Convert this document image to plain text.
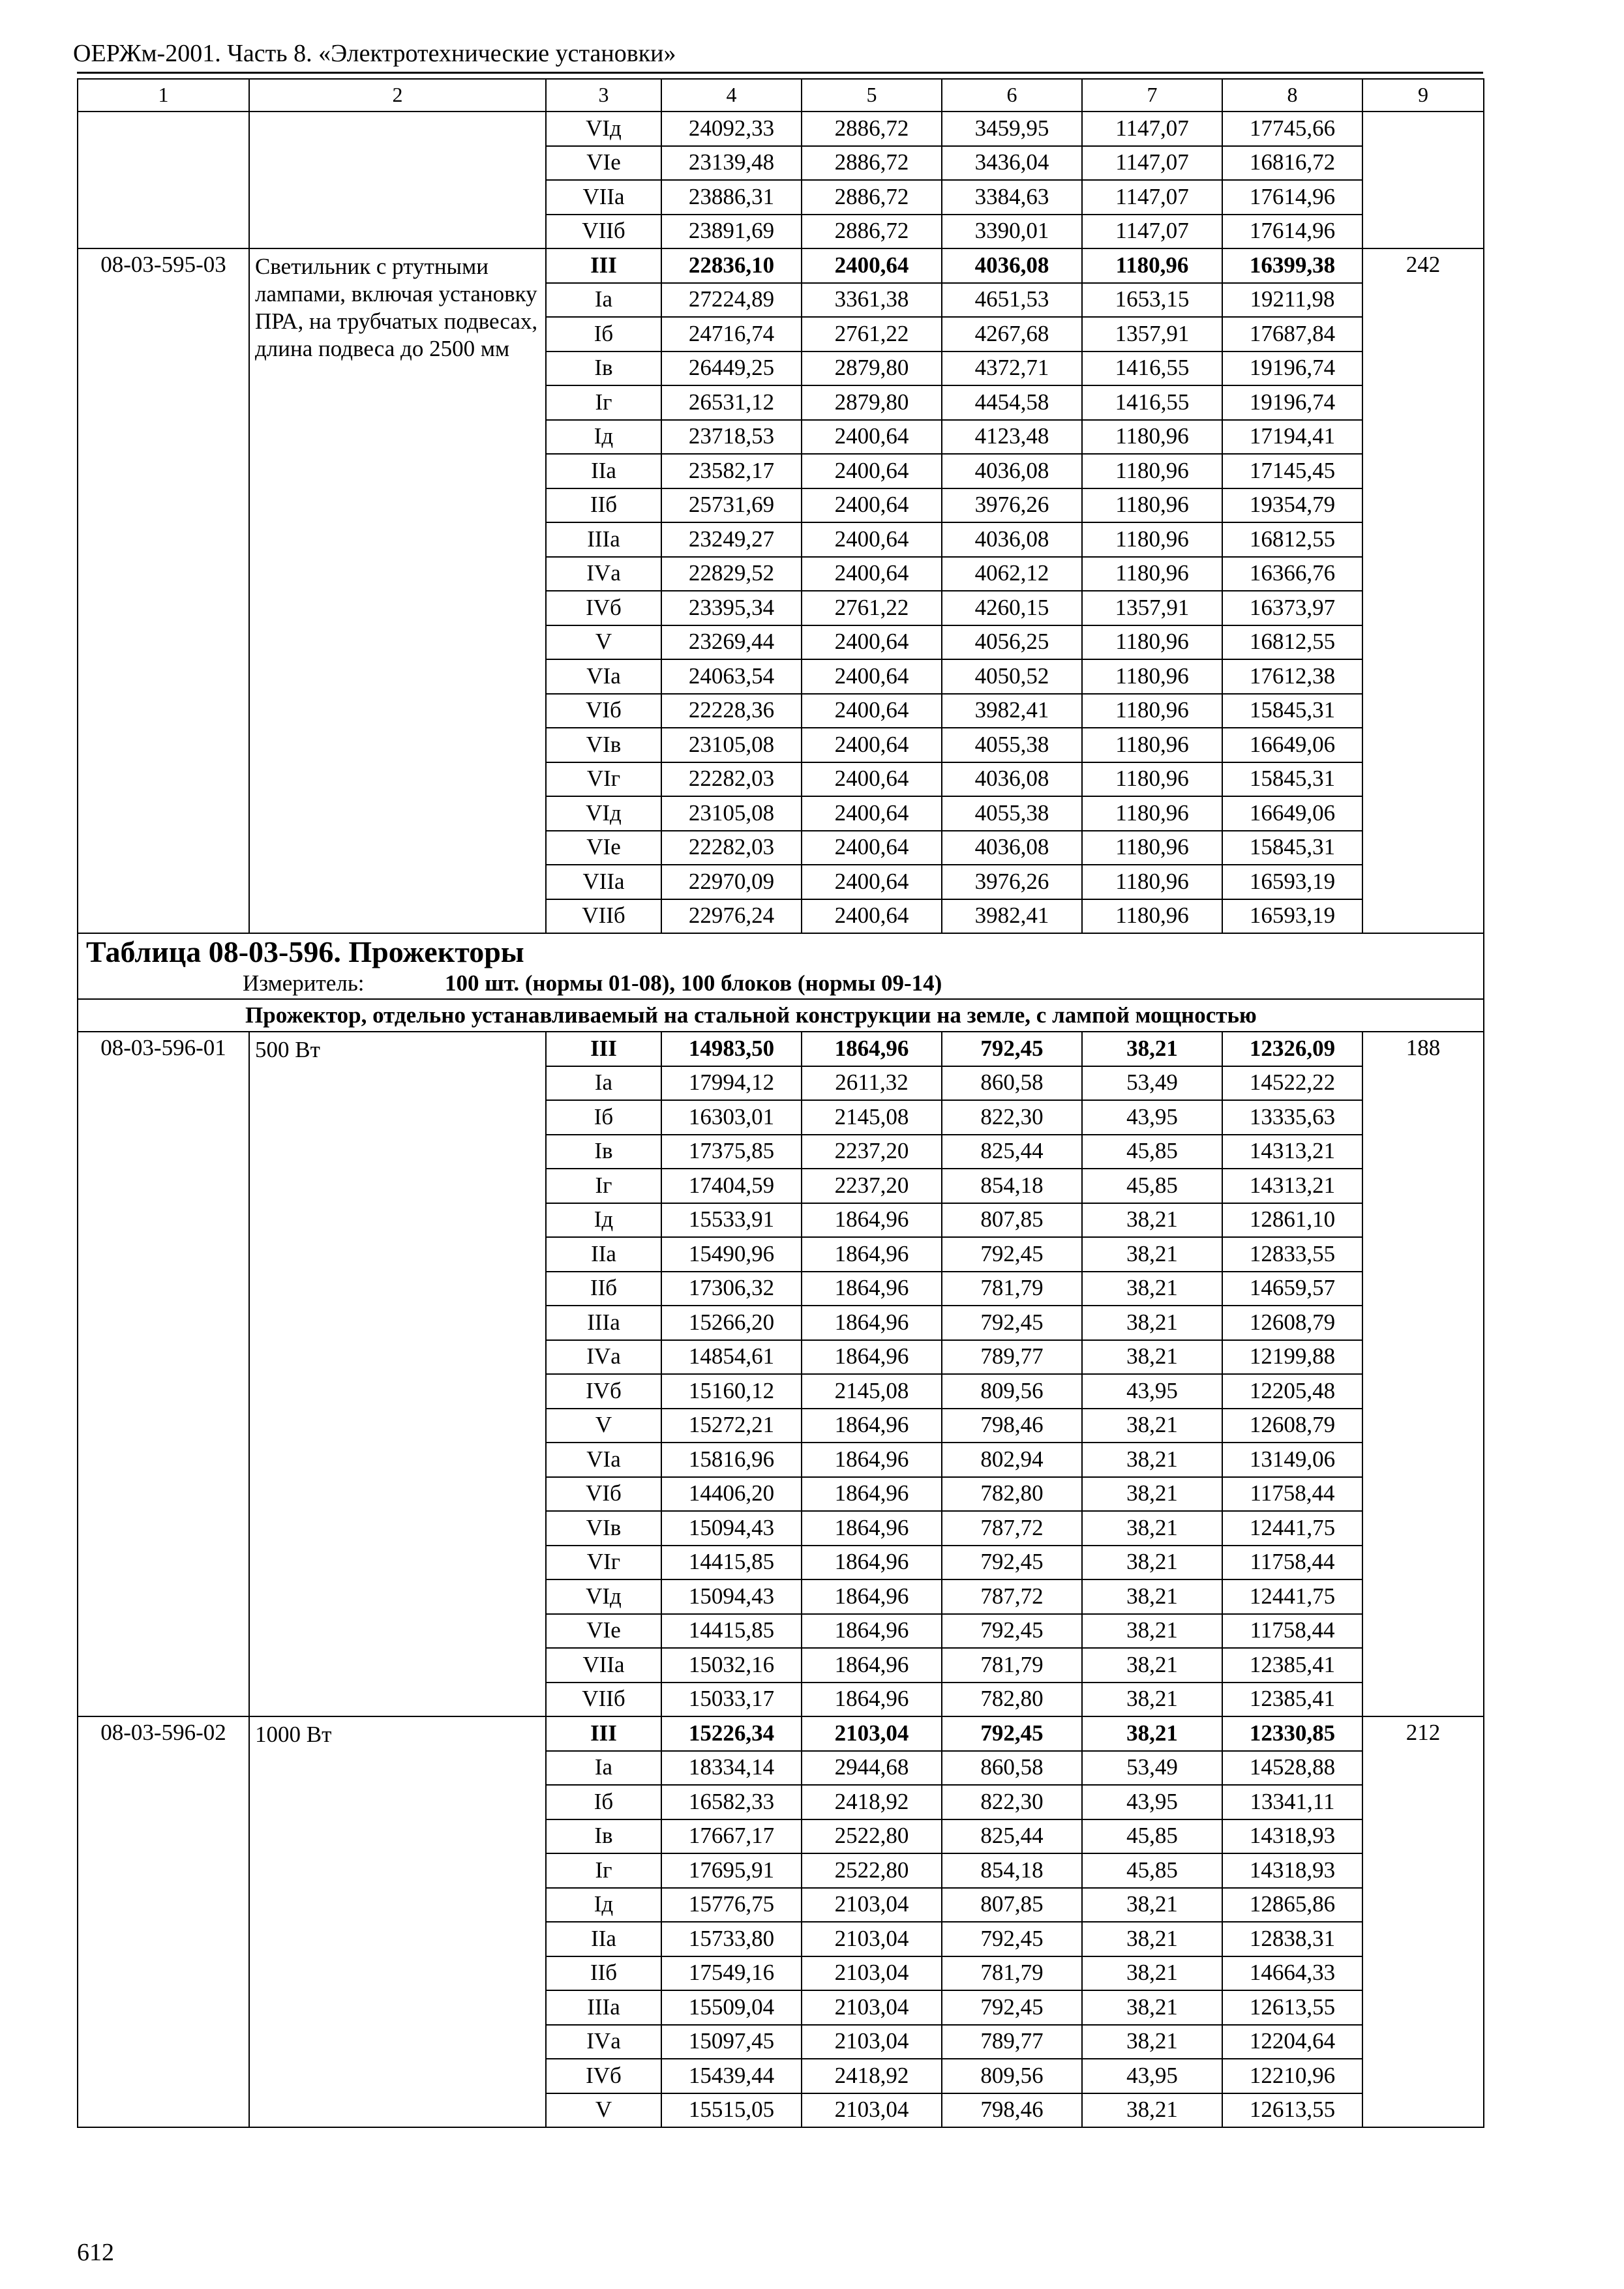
ОЕРЖм-2001. Часть 8. «Электротехнические установки»
1	2	3	4	5	6	7	8	9
		VIд	24092,33	2886,72	3459,95	1147,07	17745,66	
		VIе	23139,48	2886,72	3436,04	1147,07	16816,72	
		VIIа	23886,31	2886,72	3384,63	1147,07	17614,96	
		VIIб	23891,69	2886,72	3390,01	1147,07	17614,96	
08-03-595-03	Светильник с ртутными лампами, включая установку ПРА, на трубчатых подвесах, длина подвеса до 2500 мм	III	22836,10	2400,64	4036,08	1180,96	16399,38	242
		Iа	27224,89	3361,38	4651,53	1653,15	19211,98	
		Iб	24716,74	2761,22	4267,68	1357,91	17687,84	
		Iв	26449,25	2879,80	4372,71	1416,55	19196,74	
		Iг	26531,12	2879,80	4454,58	1416,55	19196,74	
		Iд	23718,53	2400,64	4123,48	1180,96	17194,41	
		IIа	23582,17	2400,64	4036,08	1180,96	17145,45	
		IIб	25731,69	2400,64	3976,26	1180,96	19354,79	
		IIIа	23249,27	2400,64	4036,08	1180,96	16812,55	
		IVа	22829,52	2400,64	4062,12	1180,96	16366,76	
		IVб	23395,34	2761,22	4260,15	1357,91	16373,97	
		V	23269,44	2400,64	4056,25	1180,96	16812,55	
		VIа	24063,54	2400,64	4050,52	1180,96	17612,38	
		VIб	22228,36	2400,64	3982,41	1180,96	15845,31	
		VIв	23105,08	2400,64	4055,38	1180,96	16649,06	
		VIг	22282,03	2400,64	4036,08	1180,96	15845,31	
		VIд	23105,08	2400,64	4055,38	1180,96	16649,06	
		VIе	22282,03	2400,64	4036,08	1180,96	15845,31	
		VIIа	22970,09	2400,64	3976,26	1180,96	16593,19	
		VIIб	22976,24	2400,64	3982,41	1180,96	16593,19	

Таблица 08-03-596. Прожекторы
Измеритель: 100 шт. (нормы 01-08), 100 блоков (нормы 09-14)								

Прожектор, отдельно устанавливаемый на стальной конструкции на земле, с лампой мощностью								
08-03-596-01	500 Вт	III	14983,50	1864,96	792,45	38,21	12326,09	188
		Iа	17994,12	2611,32	860,58	53,49	14522,22	
		Iб	16303,01	2145,08	822,30	43,95	13335,63	
		Iв	17375,85	2237,20	825,44	45,85	14313,21	
		Iг	17404,59	2237,20	854,18	45,85	14313,21	
		Iд	15533,91	1864,96	807,85	38,21	12861,10	
		IIа	15490,96	1864,96	792,45	38,21	12833,55	
		IIб	17306,32	1864,96	781,79	38,21	14659,57	
		IIIа	15266,20	1864,96	792,45	38,21	12608,79	
		IVа	14854,61	1864,96	789,77	38,21	12199,88	
		IVб	15160,12	2145,08	809,56	43,95	12205,48	
		V	15272,21	1864,96	798,46	38,21	12608,79	
		VIа	15816,96	1864,96	802,94	38,21	13149,06	
		VIб	14406,20	1864,96	782,80	38,21	11758,44	
		VIв	15094,43	1864,96	787,72	38,21	12441,75	
		VIг	14415,85	1864,96	792,45	38,21	11758,44	
		VIд	15094,43	1864,96	787,72	38,21	12441,75	
		VIе	14415,85	1864,96	792,45	38,21	11758,44	
		VIIа	15032,16	1864,96	781,79	38,21	12385,41	
		VIIб	15033,17	1864,96	782,80	38,21	12385,41	
08-03-596-02	1000 Вт	III	15226,34	2103,04	792,45	38,21	12330,85	212
		Iа	18334,14	2944,68	860,58	53,49	14528,88	
		Iб	16582,33	2418,92	822,30	43,95	13341,11	
		Iв	17667,17	2522,80	825,44	45,85	14318,93	
		Iг	17695,91	2522,80	854,18	45,85	14318,93	
		Iд	15776,75	2103,04	807,85	38,21	12865,86	
		IIа	15733,80	2103,04	792,45	38,21	12838,31	
		IIб	17549,16	2103,04	781,79	38,21	14664,33	
		IIIа	15509,04	2103,04	792,45	38,21	12613,55	
		IVа	15097,45	2103,04	789,77	38,21	12204,64	
		IVб	15439,44	2418,92	809,56	43,95	12210,96	
		V	15515,05	2103,04	798,46	38,21	12613,55	
612
